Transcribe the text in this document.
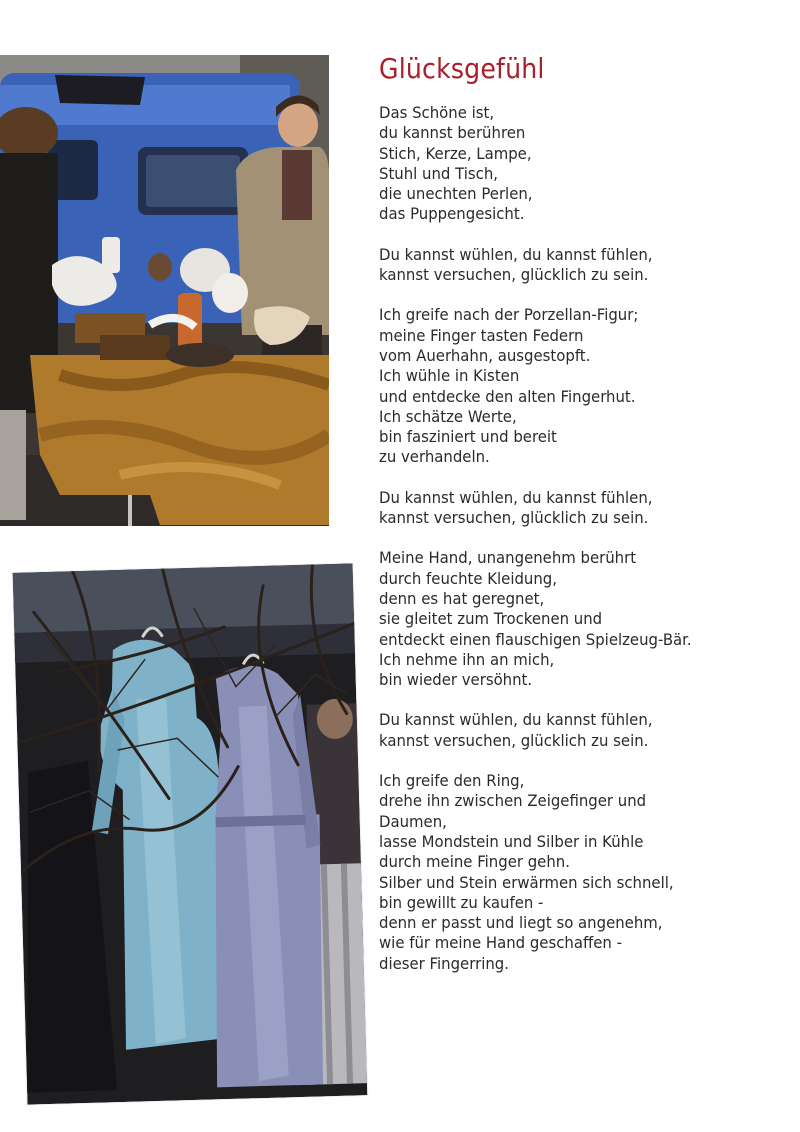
Glücksgefühl
Das Schöne ist,
du kannst berühren
Stich, Kerze, Lampe,
Stuhl und Tisch,
die unechten Perlen,
das Puppengesicht.
Du kannst wühlen, du kannst fühlen,
kannst versuchen, glücklich zu sein.
Ich greife nach der Porzellan-Figur;
meine Finger tasten Federn
vom Auerhahn, ausgestopft.
Ich wühle in Kisten
und entdecke den alten Fingerhut.
Ich schätze Werte,
bin fasziniert und bereit
zu verhandeln.
Du kannst wühlen, du kannst fühlen,
kannst versuchen, glücklich zu sein.
Meine Hand, unangenehm berührt
durch feuchte Kleidung,
denn es hat geregnet,
sie gleitet zum Trockenen und
entdeckt einen flauschigen Spielzeug-Bär.
Ich nehme ihn an mich,
bin wieder versöhnt.
Du kannst wühlen, du kannst fühlen,
kannst versuchen, glücklich zu sein.
Ich greife den Ring,
drehe ihn zwischen Zeigefinger und
Daumen,
lasse Mondstein und Silber in Kühle
durch meine Finger gehn.
Silber und Stein erwärmen sich schnell,
bin gewillt zu kaufen -
denn er passt und liegt so angenehm,
wie für meine Hand geschaffen -
dieser Fingerring.
